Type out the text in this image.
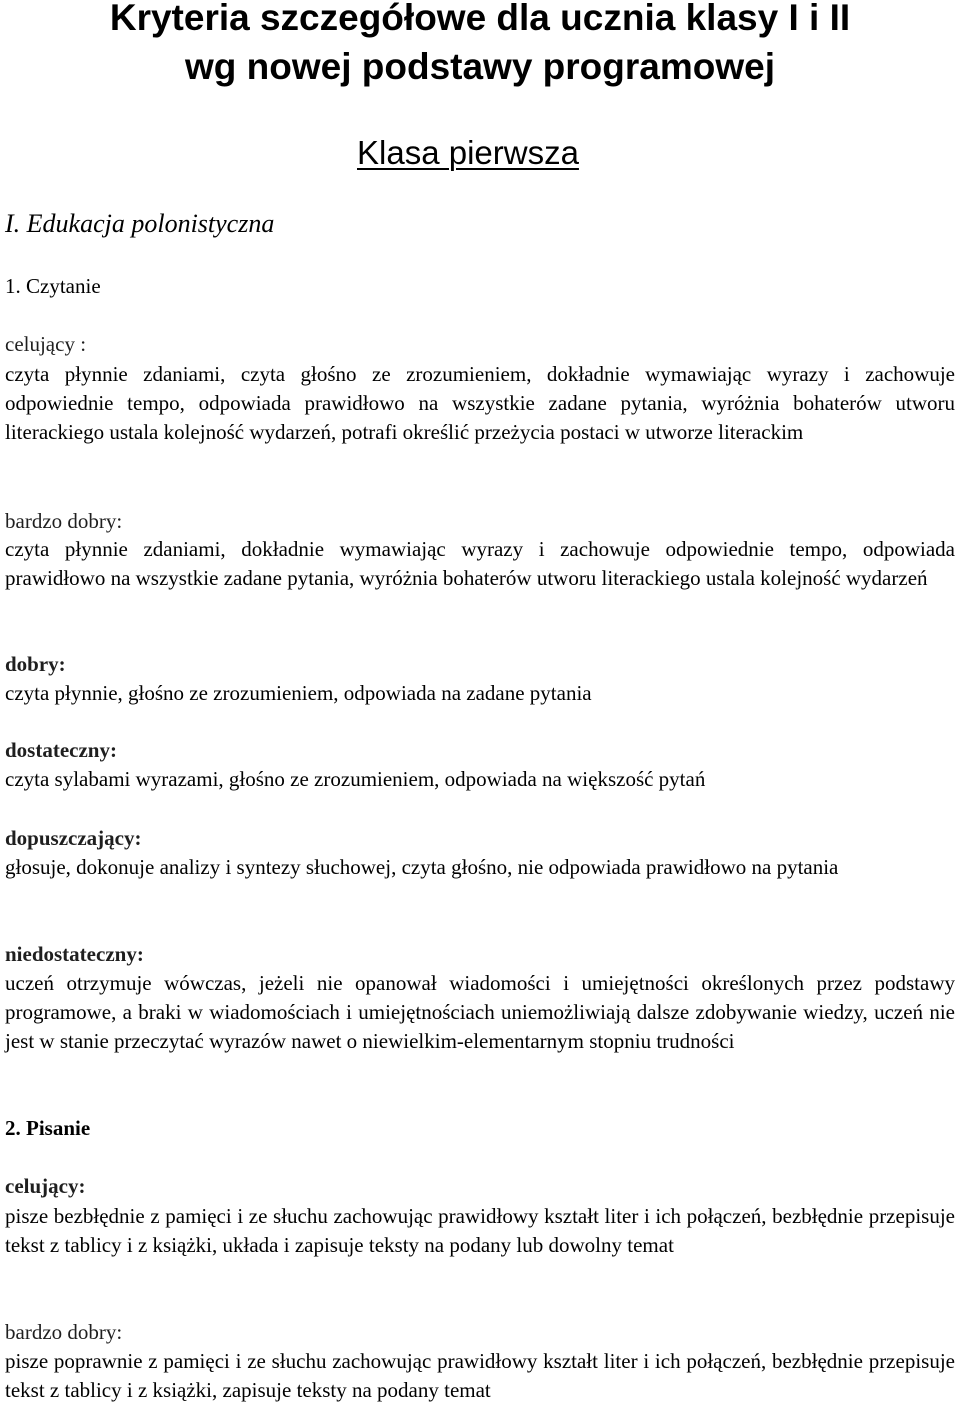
Kryteria szczegółowe dla ucznia klasy I i II
wg nowej podstawy programowej
Klasa pierwsza
I. Edukacja polonistyczna
1. Czytanie
celujący :

czyta płynnie zdaniami, czyta głośno ze zrozumieniem, dokładnie wymawiając wyrazy i zachowuje odpowiednie tempo, odpowiada prawidłowo na wszystkie zadane pytania, wyróżnia bohaterów utworu literackiego ustala kolejność wydarzeń, potrafi określić przeżycia postaci w utworze literackim

bardzo dobry:

czyta płynnie zdaniami, dokładnie wymawiając wyrazy i zachowuje odpowiednie tempo, odpowiada prawidłowo na wszystkie zadane pytania, wyróżnia bohaterów utworu literackiego ustala kolejność wydarzeń

dobry:

czyta płynnie, głośno ze zrozumieniem, odpowiada na zadane pytania

dostateczny:

czyta sylabami wyrazami, głośno ze zrozumieniem, odpowiada na większość pytań

dopuszczający:

głosuje, dokonuje analizy i syntezy słuchowej, czyta głośno, nie odpowiada prawidłowo na pytania

niedostateczny:

uczeń otrzymuje wówczas, jeżeli nie opanował wiadomości i umiejętności określonych przez podstawy programowe, a braki w wiadomościach i umiejętnościach uniemożliwiają dalsze zdobywanie wiedzy, uczeń nie jest w stanie przeczytać wyrazów nawet o niewielkim-elementarnym stopniu trudności

2. Pisanie
celujący:

pisze bezbłędnie z pamięci i ze słuchu zachowując prawidłowy kształt liter i ich połączeń, bezbłędnie przepisuje tekst z tablicy i z książki, układa i zapisuje teksty na podany lub dowolny temat

bardzo dobry:

pisze poprawnie z pamięci i ze słuchu zachowując prawidłowy kształt liter i ich połączeń, bezbłędnie przepisuje tekst z tablicy i z książki, zapisuje teksty na podany temat
